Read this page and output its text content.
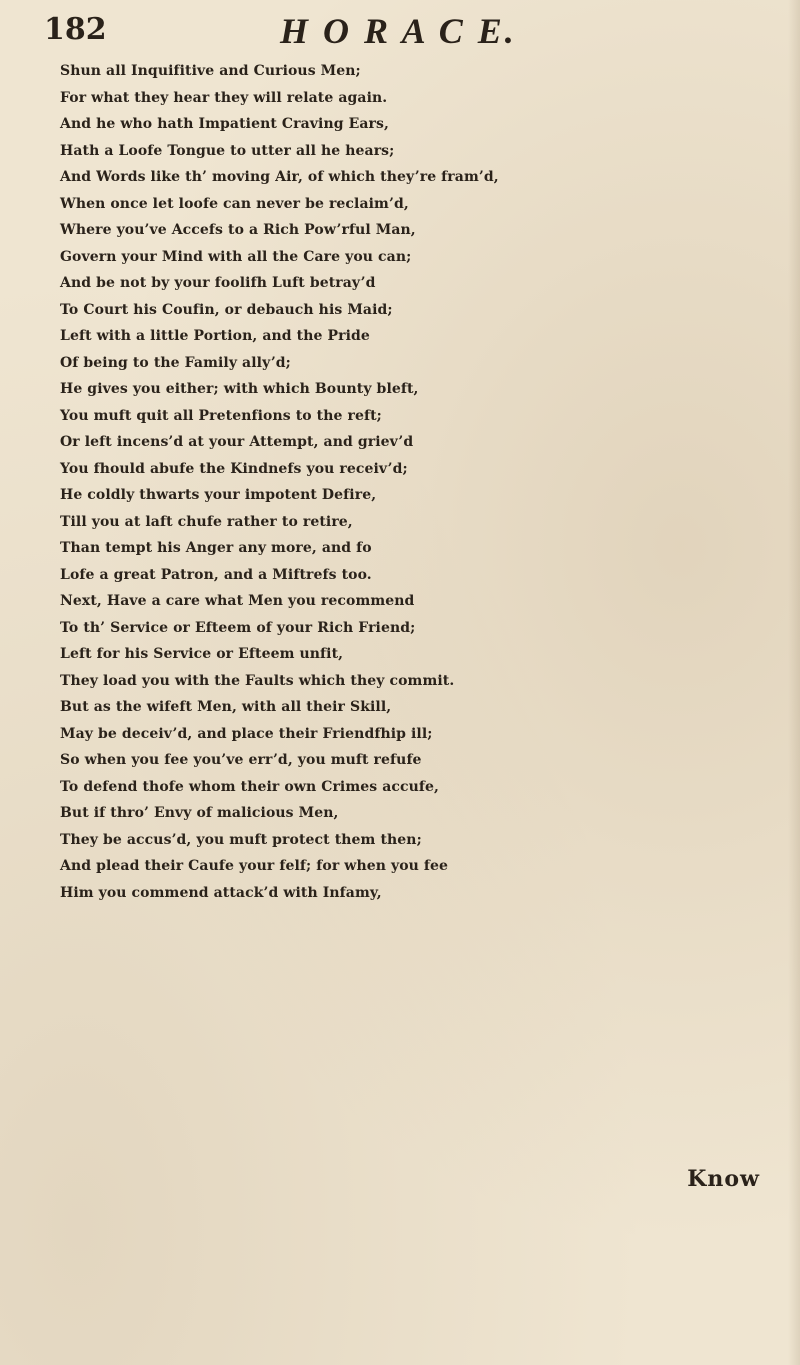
182	H O R A C E.
Shun all Inquifitive and Curious Men;
For what they hear they will relate again.
And he who hath Impatient Craving Ears,
Hath a Loofe Tongue to utter all he hears;
And Words like th’ moving Air, of which they’re fram’d,
When once let loofe can never be reclaim’d,
Where you’ve Accefs to a Rich Pow’rful Man,
Govern your Mind with all the Care you can;
And be not by your foolifh Luft betray’d
To Court his Coufin, or debauch his Maid;
Left with a little Portion, and the Pride
Of being to the Family ally’d;
He gives you either; with which Bounty bleft,
You muft quit all Pretenfions to the reft;
Or left incens’d at your Attempt, and griev’d
You fhould abufe the Kindnefs you receiv’d;
He coldly thwarts your impotent Defire,
Till you at laft chufe rather to retire,
Than tempt his Anger any more, and fo
Lofe a great Patron, and a Miftrefs too.
Next, Have a care what Men you recommend
To th’ Service or Efteem of your Rich Friend;
Left for his Service or Efteem unfit,
They load you with the Faults which they commit.
But as the wifeft Men, with all their Skill,
May be deceiv’d, and place their Friendfhip ill;
So when you fee you’ve err’d, you muft refufe
To defend thofe whom their own Crimes accufe,
But if thro’ Envy of malicious Men,
They be accus’d, you muft protect them then;
And plead their Caufe your felf; for when you fee
Him you commend attack’d with Infamy,
Know
